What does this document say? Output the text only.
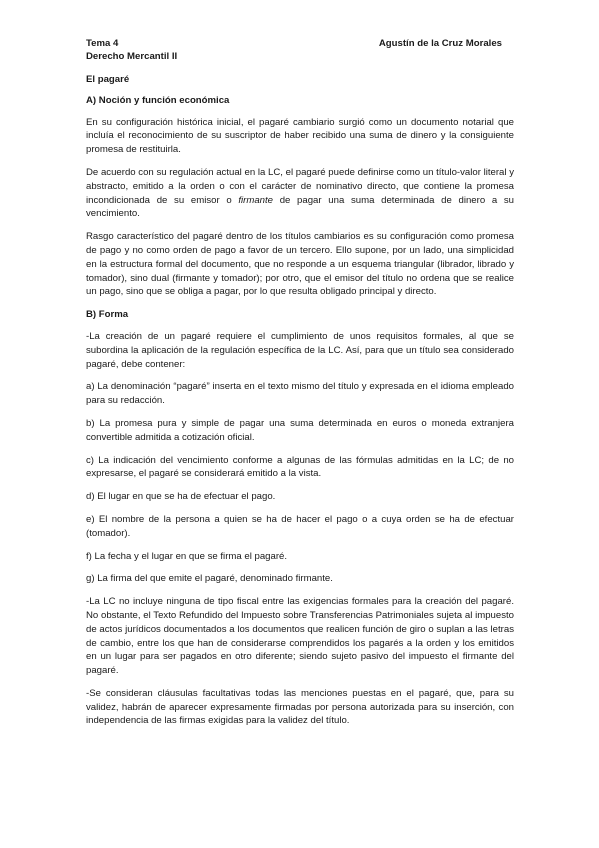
Tema 4	Agustín de la Cruz Morales
Derecho Mercantil II
El pagaré
A) Noción y función económica
En su configuración histórica inicial, el pagaré cambiario surgió como un documento notarial que incluía el reconocimiento de su suscriptor de haber recibido una suma de dinero y la consiguiente promesa de restituirla.
De acuerdo con su regulación actual en la LC, el pagaré puede definirse como un título-valor literal y abstracto, emitido a la orden o con el carácter de nominativo directo, que contiene la promesa incondicionada de su emisor o firmante de pagar una suma determinada de dinero a su vencimiento.
Rasgo característico del pagaré dentro de los títulos cambiarios es su configuración como promesa de pago y no como orden de pago a favor de un tercero. Ello supone, por un lado, una simplicidad en la estructura formal del documento, que no responde a un esquema triangular (librador, librado y tomador), sino dual (firmante y tomador); por otro, que el emisor del título no ordena que se realice un pago, sino que se obliga a pagar, por lo que resulta obligado principal y directo.
B) Forma
-La creación de un pagaré requiere el cumplimiento de unos requisitos formales, al que se subordina la aplicación de la regulación específica de la LC. Así, para que un título sea considerado pagaré, debe contener:
a) La denominación “pagaré” inserta en el texto mismo del título y expresada en el idioma empleado para su redacción.
b) La promesa pura y simple de pagar una suma determinada en euros o moneda extranjera convertible admitida a cotización oficial.
c) La indicación del vencimiento conforme a algunas de las fórmulas admitidas en la LC; de no expresarse, el pagaré se considerará emitido a la vista.
d) El lugar en que se ha de efectuar el pago.
e) El nombre de la persona a quien se ha de hacer el pago o a cuya orden se ha de efectuar (tomador).
f) La fecha y el lugar en que se firma el pagaré.
g) La firma del que emite el pagaré, denominado firmante.
-La LC no incluye ninguna de tipo fiscal entre las exigencias formales para la creación del pagaré. No obstante, el Texto Refundido del Impuesto sobre Transferencias Patrimoniales sujeta al impuesto de actos jurídicos documentados a los documentos que realicen función de giro o suplan a las letras de cambio, entre los que han de considerarse comprendidos los pagarés a la orden y los emitidos en un lugar para ser pagados en otro diferente; siendo sujeto pasivo del impuesto el firmante del pagaré.
-Se consideran cláusulas facultativas todas las menciones puestas en el pagaré, que, para su validez, habrán de aparecer expresamente firmadas por persona autorizada para su inserción, con independencia de las firmas exigidas para la validez del título.
